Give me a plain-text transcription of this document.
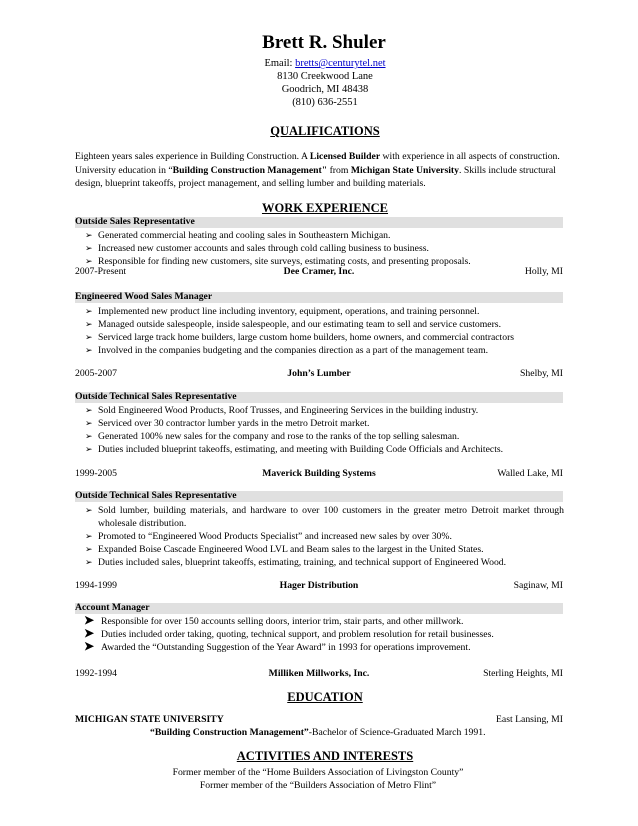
Brett R. Shuler
Email: bretts@centurytel.net
8130 Creekwood Lane
Goodrich, MI 48438
(810) 636-2551
QUALIFICATIONS
Eighteen years sales experience in Building Construction. A Licensed Builder with experience in all aspects of construction. University education in “Building Construction Management" from Michigan State University. Skills include structural design, blueprint takeoffs, project management, and selling lumber and building materials.
WORK EXPERIENCE
Outside Sales Representative
➢ Generated commercial heating and cooling sales in Southeastern Michigan.
➢ Increased new customer accounts and sales through cold calling business to business.
➢ Responsible for finding new customers, site surveys, estimating costs, and presenting proposals.
2007-Present	Dee Cramer, Inc.	Holly, MI
Engineered Wood Sales Manager
➢ Implemented new product line including inventory, equipment, operations, and training personnel.
➢ Managed outside salespeople, inside salespeople, and our estimating team to sell and service customers.
➢ Serviced large track home builders, large custom home builders, home owners, and commercial contractors
➢ Involved in the companies budgeting and the companies direction as a part of the management team.
2005-2007	John’s Lumber	Shelby, MI
Outside Technical Sales Representative
➢ Sold Engineered Wood Products, Roof Trusses, and Engineering Services in the building industry.
➢ Serviced over 30 contractor lumber yards in the metro Detroit market.
➢ Generated 100% new sales for the company and rose to the ranks of the top selling salesman.
➢ Duties included blueprint takeoffs, estimating, and meeting with Building Code Officials and Architects.
1999-2005	Maverick Building Systems	Walled Lake, MI
Outside Technical Sales Representative
➢ Sold lumber, building materials, and hardware to over 100 customers in the greater metro Detroit market through wholesale distribution.
➢ Promoted to “Engineered Wood Products Specialist” and increased new sales by over 30%.
➢ Expanded Boise Cascade Engineered Wood LVL and Beam sales to the largest in the United States.
➢ Duties included sales, blueprint takeoffs, estimating, training, and technical support of Engineered Wood.
1994-1999	Hager Distribution	Saginaw, MI
Account Manager
➤ Responsible for over 150 accounts selling doors, interior trim, stair parts, and other millwork.
➤ Duties included order taking, quoting, technical support, and problem resolution for retail businesses.
➤ Awarded the “Outstanding Suggestion of the Year Award” in 1993 for operations improvement.
1992-1994	Milliken Millworks, Inc.	Sterling Heights, MI
EDUCATION
MICHIGAN STATE UNIVERSITY	East Lansing, MI
“Building Construction Management”-Bachelor of Science-Graduated March 1991.
ACTIVITIES AND INTERESTS
Former member of the “Home Builders Association of Livingston County”
Former member of the “Builders Association of Metro Flint”
